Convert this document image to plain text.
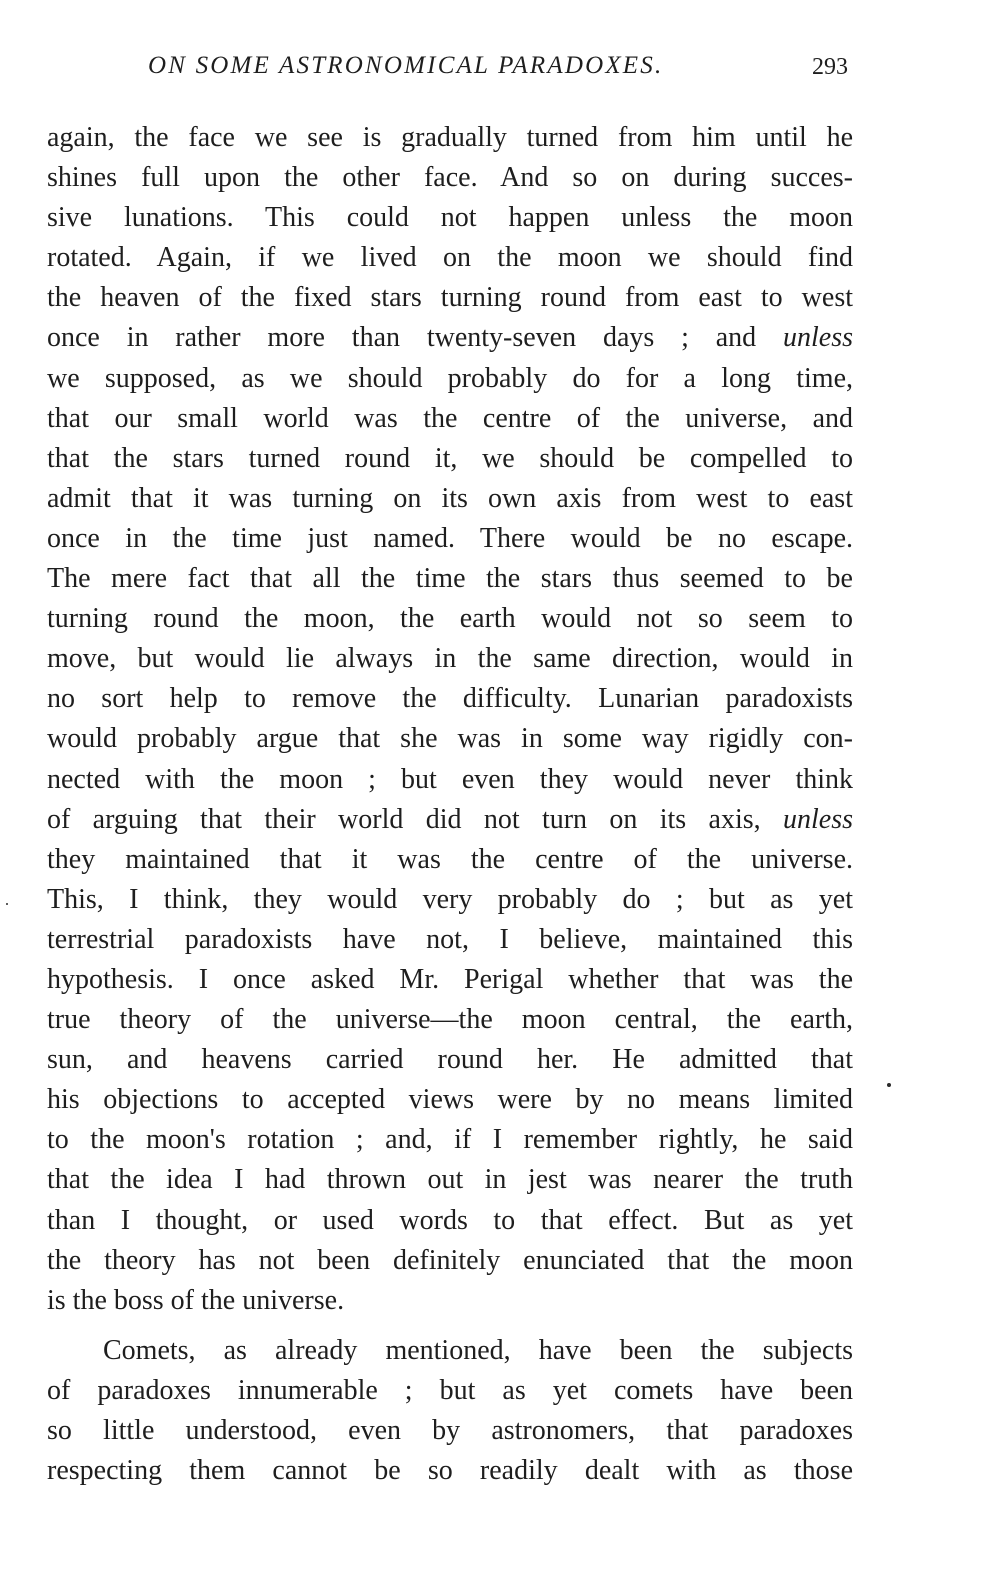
ON SOME ASTRONOMICAL PARADOXES.	293
again, the face we see is gradually turned from him until he
shines full upon the other face. And so on during succes-
sive lunations. This could not happen unless the moon
rotated. Again, if we lived on the moon we should find
the heaven of the fixed stars turning round from east to west
once in rather more than twenty-seven days ; and unless
we supposed, as we should probably do for a long time,
that our small world was the centre of the universe, and
that the stars turned round it, we should be compelled to
admit that it was turning on its own axis from west to east
once in the time just named. There would be no escape.
The mere fact that all the time the stars thus seemed to be
turning round the moon, the earth would not so seem to
move, but would lie always in the same direction, would in
no sort help to remove the difficulty. Lunarian paradoxists
would probably argue that she was in some way rigidly con-
nected with the moon ; but even they would never think
of arguing that their world did not turn on its axis, unless
they maintained that it was the centre of the universe.
This, I think, they would very probably do ; but as yet
terrestrial paradoxists have not, I believe, maintained this
hypothesis. I once asked Mr. Perigal whether that was the
true theory of the universe—the moon central, the earth,
sun, and heavens carried round her. He admitted that
his objections to accepted views were by no means limited
to the moon's rotation ; and, if I remember rightly, he said
that the idea I had thrown out in jest was nearer the truth
than I thought, or used words to that effect. But as yet
the theory has not been definitely enunciated that the moon
is the boss of the universe.
Comets, as already mentioned, have been the subjects
of paradoxes innumerable ; but as yet comets have been
so little understood, even by astronomers, that paradoxes
respecting them cannot be so readily dealt with as those
